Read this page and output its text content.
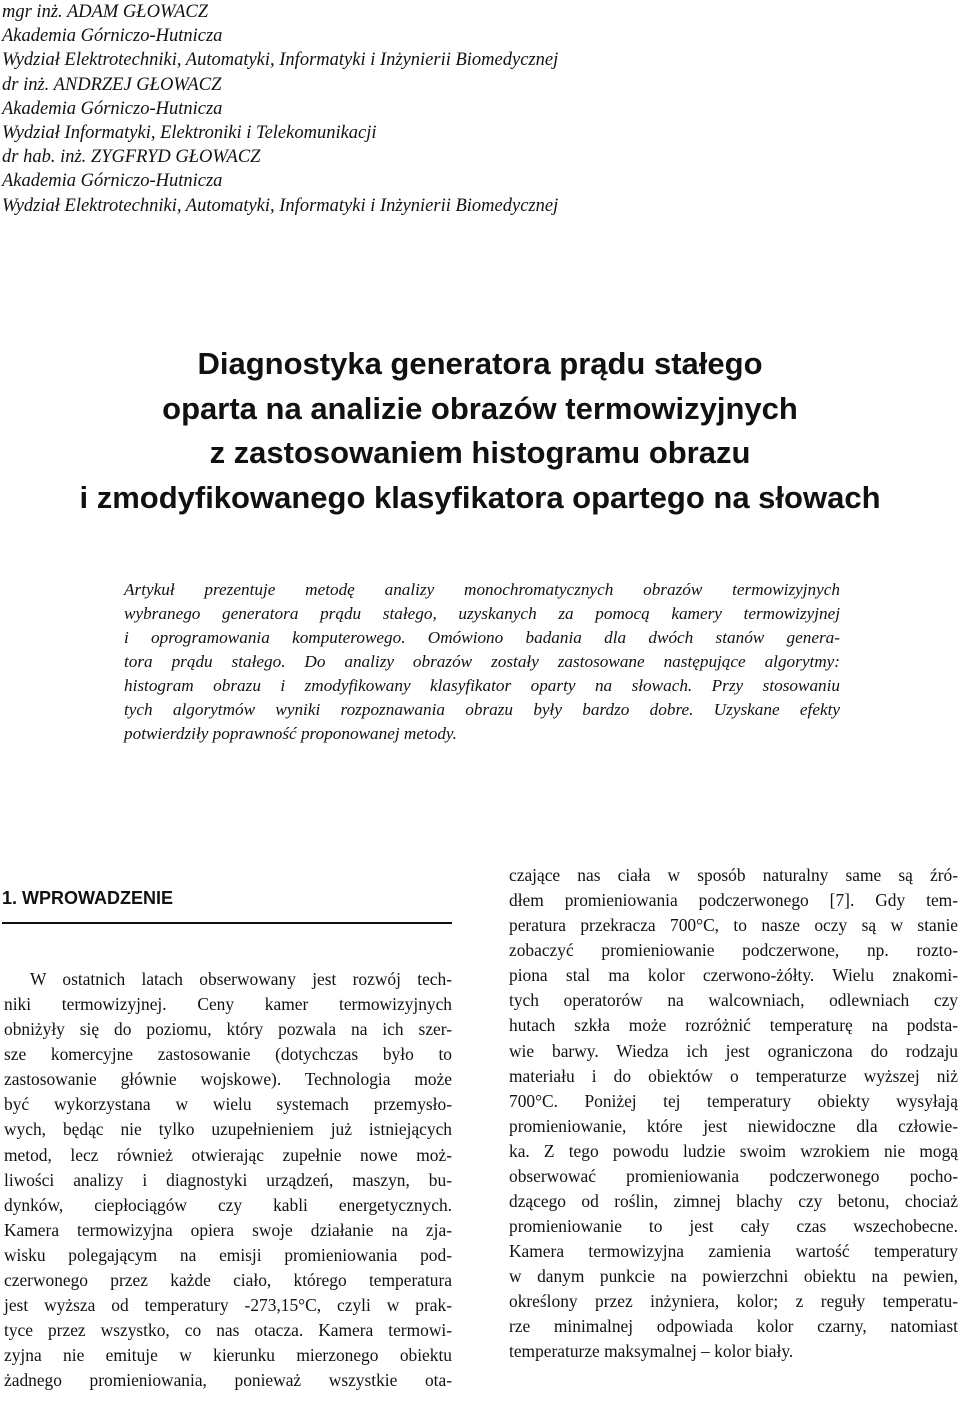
mgr inż. ADAM GŁOWACZ
Akademia Górniczo-Hutnicza
Wydział Elektrotechniki, Automatyki, Informatyki i Inżynierii Biomedycznej
dr inż. ANDRZEJ GŁOWACZ
Akademia Górniczo-Hutnicza
Wydział Informatyki, Elektroniki i Telekomunikacji
dr hab. inż. ZYGFRYD GŁOWACZ
Akademia Górniczo-Hutnicza
Wydział Elektrotechniki, Automatyki, Informatyki i Inżynierii Biomedycznej
Diagnostyka generatora prądu stałego
oparta na analizie obrazów termowizyjnych
z zastosowaniem histogramu obrazu
i zmodyfikowanego klasyfikatora opartego na słowach
Artykuł prezentuje metodę analizy monochromatycznych obrazów termowizyjnych
wybranego generatora prądu stałego, uzyskanych za pomocą kamery termowizyjnej
i oprogramowania komputerowego. Omówiono badania dla dwóch stanów genera-
tora prądu stałego. Do analizy obrazów zostały zastosowane następujące algorytmy:
histogram obrazu i zmodyfikowany klasyfikator oparty na słowach. Przy stosowaniu
tych algorytmów wyniki rozpoznawania obrazu były bardzo dobre. Uzyskane efekty
potwierdziły poprawność proponowanej metody.
1. WPROWADZENIE
W ostatnich latach obserwowany jest rozwój tech-
niki termowizyjnej. Ceny kamer termowizyjnych
obniżyły się do poziomu, który pozwala na ich szer-
sze komercyjne zastosowanie (dotychczas było to
zastosowanie głównie wojskowe). Technologia może
być wykorzystana w wielu systemach przemysło-
wych, będąc nie tylko uzupełnieniem już istniejących
metod, lecz również otwierając zupełnie nowe moż-
liwości analizy i diagnostyki urządzeń, maszyn, bu-
dynków, ciepłociągów czy kabli energetycznych.
Kamera termowizyjna opiera swoje działanie na zja-
wisku polegającym na emisji promieniowania pod-
czerwonego przez każde ciało, którego temperatura
jest wyższa od temperatury -273,15°C, czyli w prak-
tyce przez wszystko, co nas otacza. Kamera termowi-
zyjna nie emituje w kierunku mierzonego obiektu
żadnego promieniowania, ponieważ wszystkie ota-
czające nas ciała w sposób naturalny same są źró-
dłem promieniowania podczerwonego [7]. Gdy tem-
peratura przekracza 700°C, to nasze oczy są w stanie
zobaczyć promieniowanie podczerwone, np. rozto-
piona stal ma kolor czerwono-żółty. Wielu znakomi-
tych operatorów na walcowniach, odlewniach czy
hutach szkła może rozróżnić temperaturę na podsta-
wie barwy. Wiedza ich jest ograniczona do rodzaju
materiału i do obiektów o temperaturze wyższej niż
700°C. Poniżej tej temperatury obiekty wysyłają
promieniowanie, które jest niewidoczne dla człowie-
ka. Z tego powodu ludzie swoim wzrokiem nie mogą
obserwować promieniowania podczerwonego pocho-
dzącego od roślin, zimnej blachy czy betonu, chociaż
promieniowanie to jest cały czas wszechobecne.
Kamera termowizyjna zamienia wartość temperatury
w danym punkcie na powierzchni obiektu na pewien,
określony przez inżyniera, kolor; z reguły temperatu-
rze minimalnej odpowiada kolor czarny, natomiast
temperaturze maksymalnej – kolor biały.
